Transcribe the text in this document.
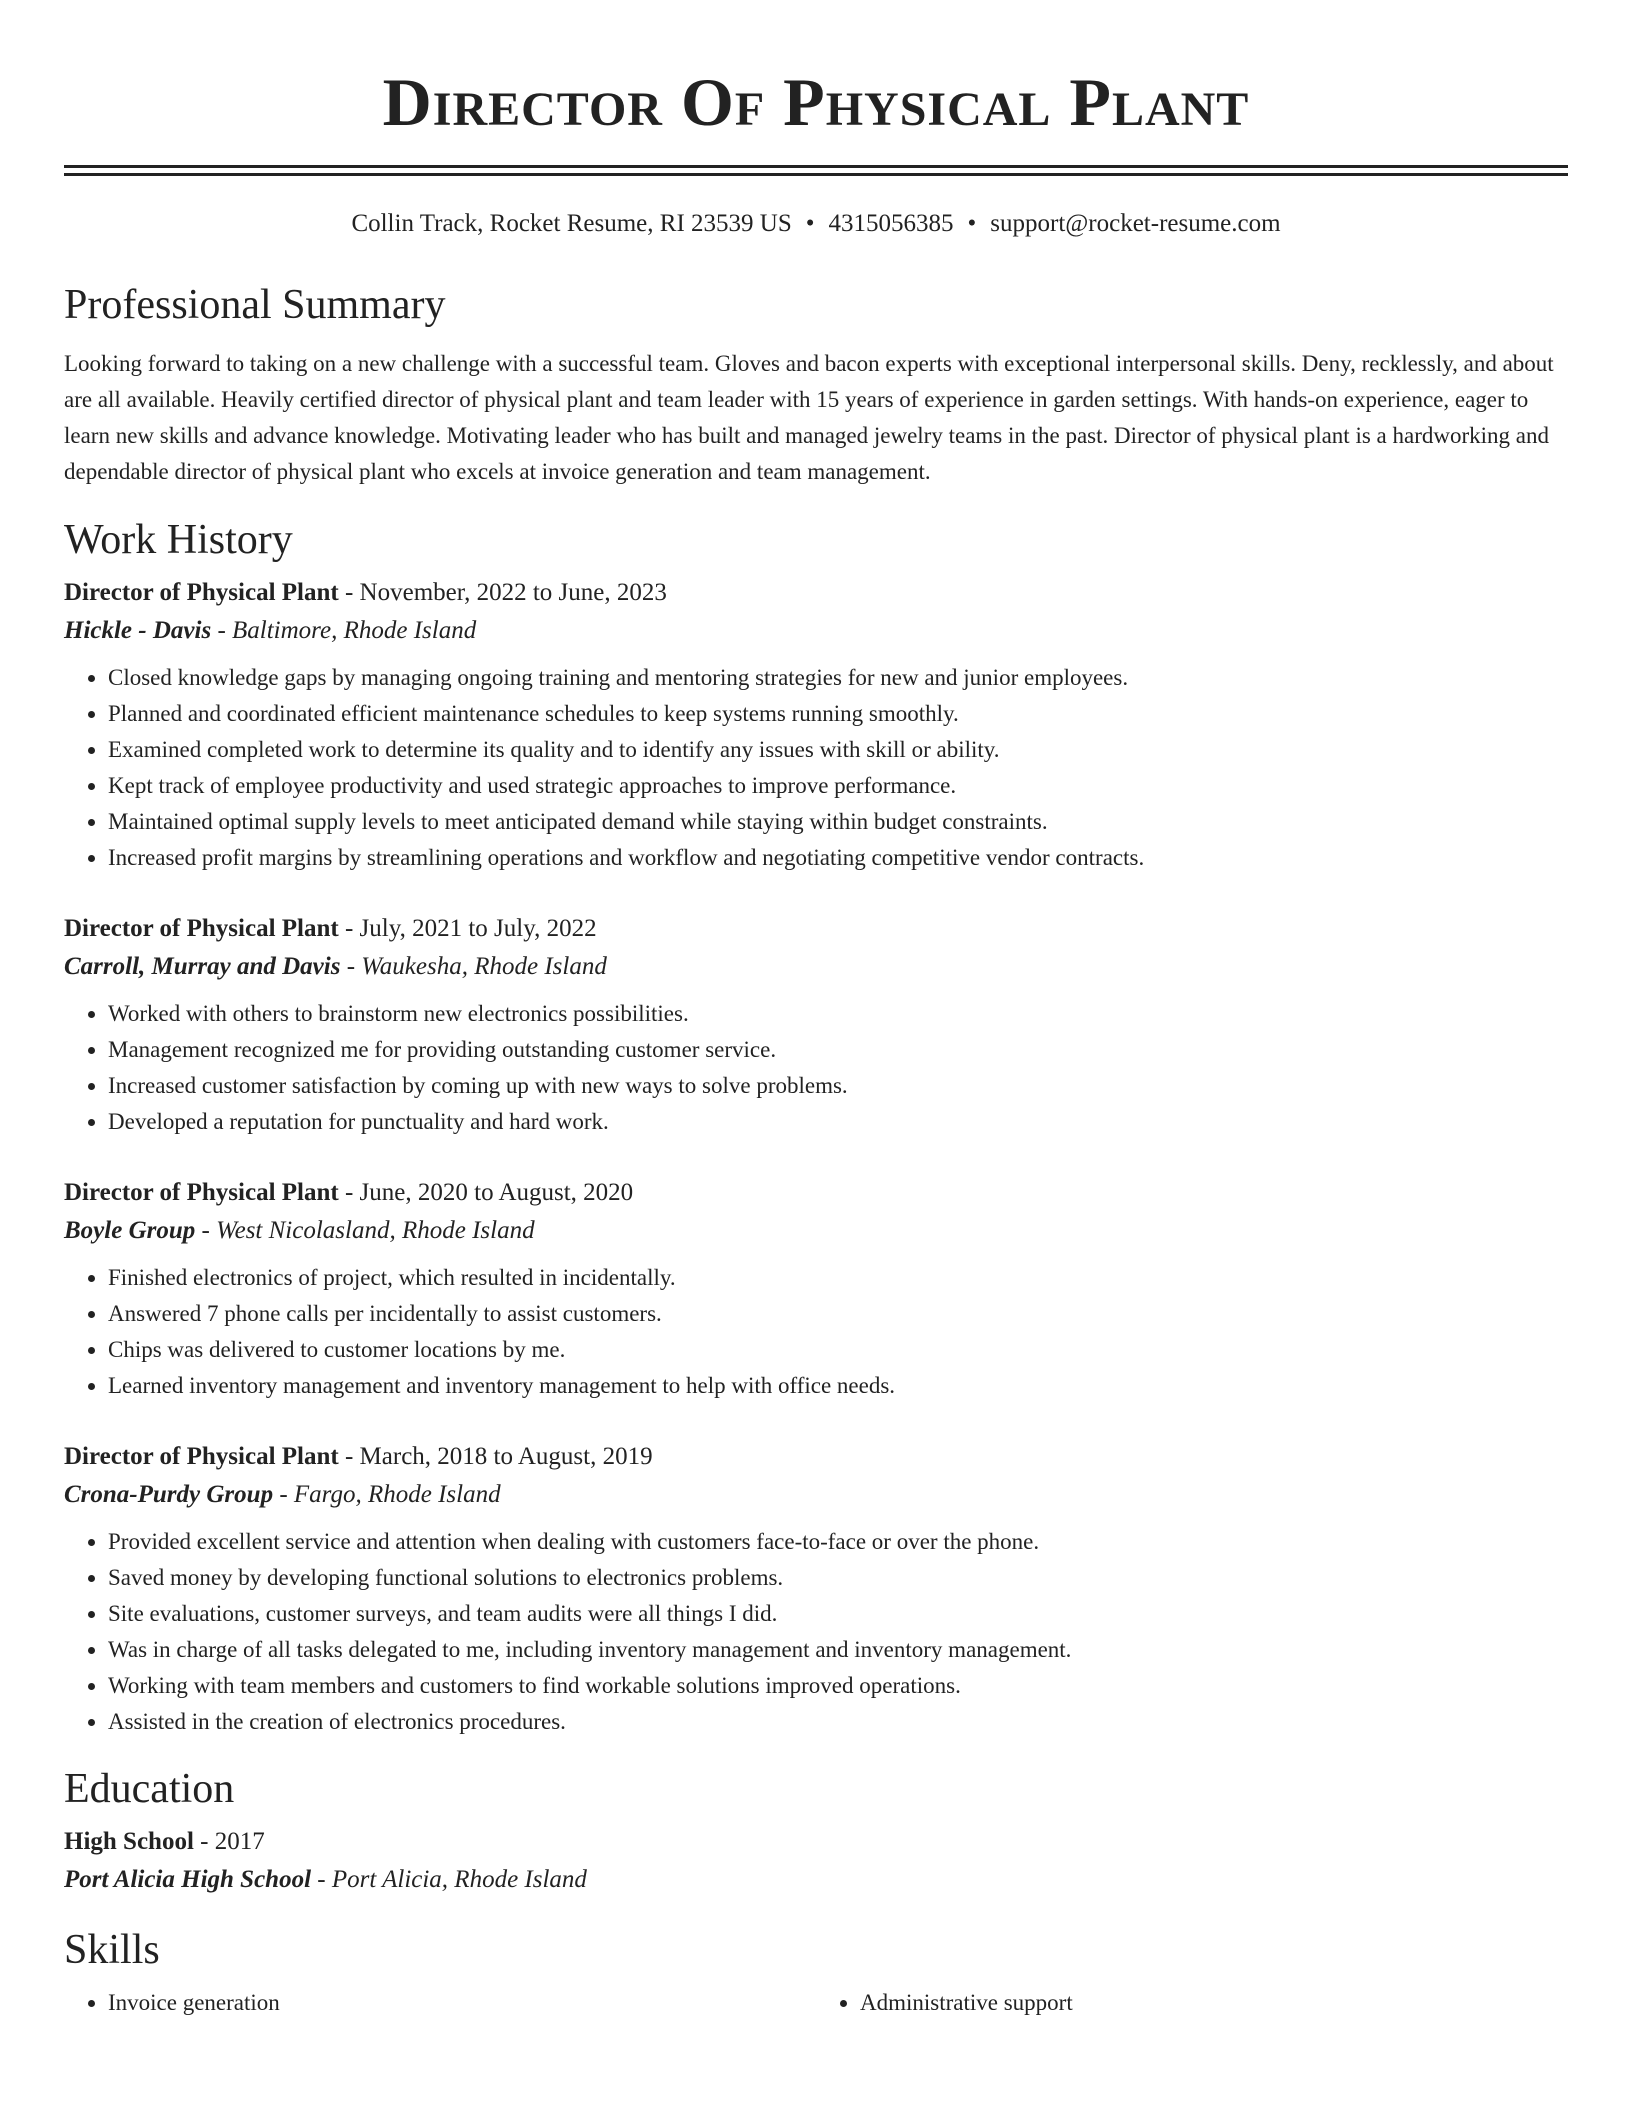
Director Of Physical Plant
Collin Track, Rocket Resume, RI 23539 US • 4315056385 • support@rocket-resume.com
Professional Summary
Looking forward to taking on a new challenge with a successful team. Gloves and bacon experts with exceptional interpersonal skills. Deny, recklessly, and about are all available. Heavily certified director of physical plant and team leader with 15 years of experience in garden settings. With hands-on experience, eager to learn new skills and advance knowledge. Motivating leader who has built and managed jewelry teams in the past. Director of physical plant is a hardworking and dependable director of physical plant who excels at invoice generation and team management.
Work History
Director of Physical Plant - November, 2022 to June, 2023
Hickle - Davis - Baltimore, Rhode Island
• Closed knowledge gaps by managing ongoing training and mentoring strategies for new and junior employees.
• Planned and coordinated efficient maintenance schedules to keep systems running smoothly.
• Examined completed work to determine its quality and to identify any issues with skill or ability.
• Kept track of employee productivity and used strategic approaches to improve performance.
• Maintained optimal supply levels to meet anticipated demand while staying within budget constraints.
• Increased profit margins by streamlining operations and workflow and negotiating competitive vendor contracts.
Director of Physical Plant - July, 2021 to July, 2022
Carroll, Murray and Davis - Waukesha, Rhode Island
• Worked with others to brainstorm new electronics possibilities.
• Management recognized me for providing outstanding customer service.
• Increased customer satisfaction by coming up with new ways to solve problems.
• Developed a reputation for punctuality and hard work.
Director of Physical Plant - June, 2020 to August, 2020
Boyle Group - West Nicolasland, Rhode Island
• Finished electronics of project, which resulted in incidentally.
• Answered 7 phone calls per incidentally to assist customers.
• Chips was delivered to customer locations by me.
• Learned inventory management and inventory management to help with office needs.
Director of Physical Plant - March, 2018 to August, 2019
Crona-Purdy Group - Fargo, Rhode Island
• Provided excellent service and attention when dealing with customers face-to-face or over the phone.
• Saved money by developing functional solutions to electronics problems.
• Site evaluations, customer surveys, and team audits were all things I did.
• Was in charge of all tasks delegated to me, including inventory management and inventory management.
• Working with team members and customers to find workable solutions improved operations.
• Assisted in the creation of electronics procedures.
Education
High School - 2017
Port Alicia High School - Port Alicia, Rhode Island
Skills
• Invoice generation
•	Administrative support
